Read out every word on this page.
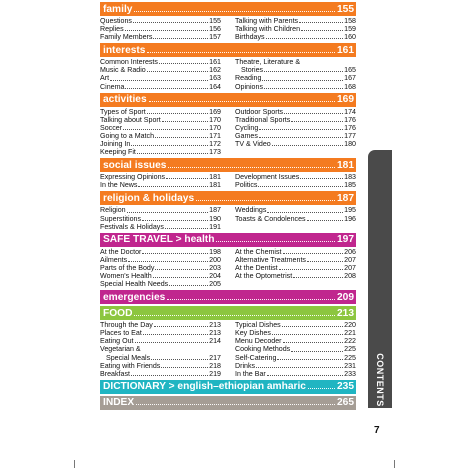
family	155
Questions	155
Replies	156
Family Members	157
Talking with Parents	158
Talking with Children	159
Birthdays	160
interests	161
Common Interests	161
Music & Radio	162
Art	163
Cinema	164
Theatre, Literature &
Stories	165
Reading	167
Opinions	168
activities	169
Types of Sport	169
Talking about Sport	170
Soccer	170
Going to a Match	171
Joining In	172
Keeping Fit	173
Outdoor Sports	174
Traditional Sports	176
Cycling	176
Games	177
TV & Video	180
social issues	181
Expressing Opinions	181
In the News	181
Development Issues	183
Politics	185
religion & holidays	187
Religion	187
Superstitions	190
Festivals & Holidays	191
Weddings	195
Toasts & Condolences	196
SAFE TRAVEL > health	197
At the Doctor	198
Ailments	200
Parts of the Body	203
Women's Health	204
Special Health Needs	205
At the Chemist	206
Alternative Treatments	207
At the Dentist	207
At the Optometrist	208
emergencies	209
FOOD	213
Through the Day	213
Places to Eat	213
Eating Out	214
Vegetarian &
Special Meals	217
Eating with Friends	218
Breakfast	219
Typical Dishes	220
Key Dishes	221
Menu Decoder	222
Cooking Methods	225
Self-Catering	225
Drinks	231
In the Bar	233
DICTIONARY > english–ethiopian amharic	235
INDEX	265 CONTENTS
7
